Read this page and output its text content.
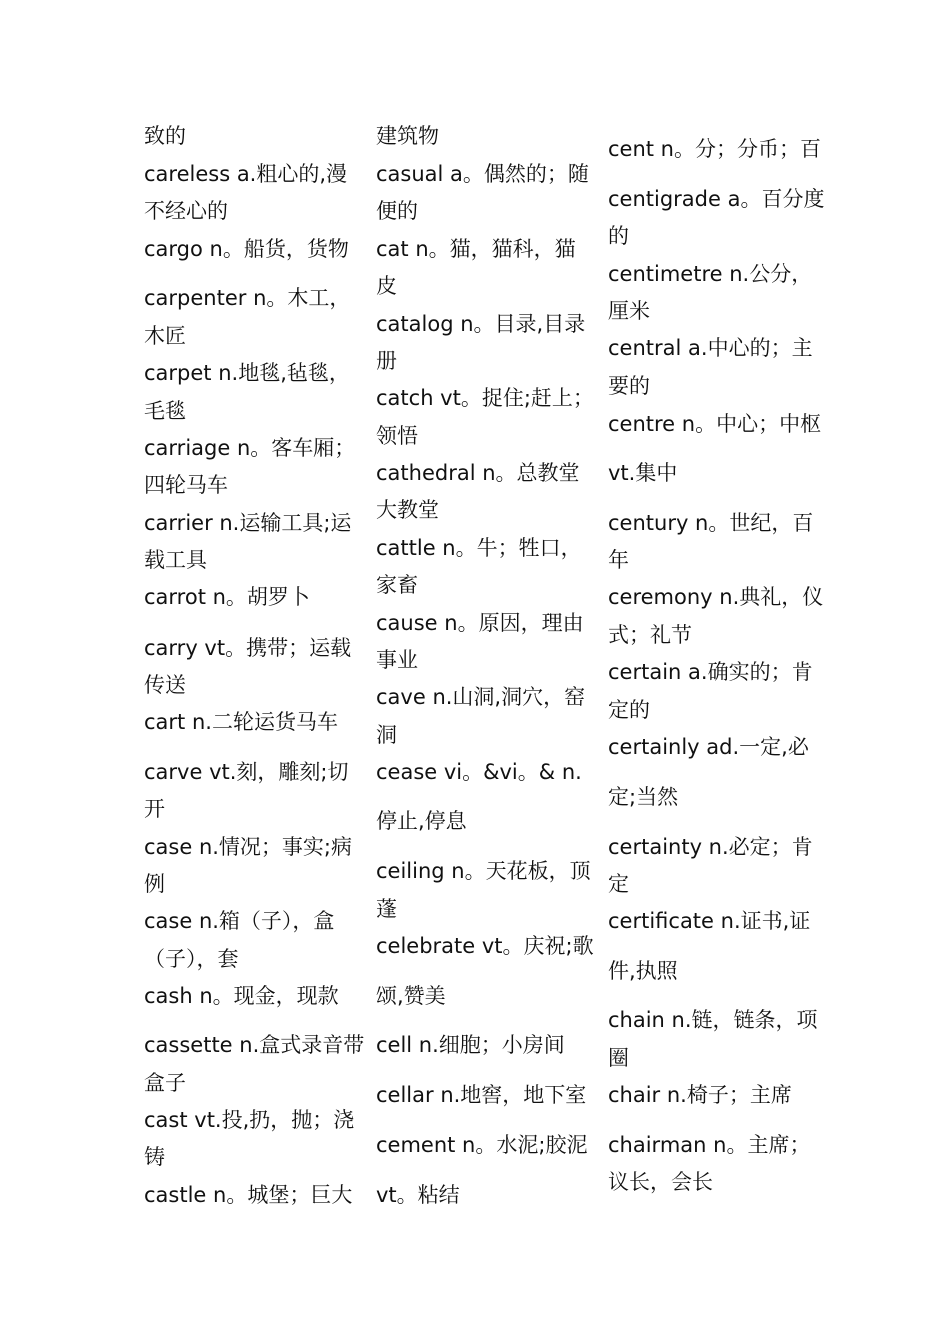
致的
careless a.粗心的,漫
不经心的
cargo n。船货，货物
carpenter n。木工，
木匠
carpet n.地毯,毡毯，
毛毯
carriage n。客车厢；
四轮马车
carrier n.运输工具;运
载工具
carrot n。胡罗卜
carry vt。携带；运载
传送
cart n.二轮运货马车
carve vt.刻，雕刻;切
开
case n.情况；事实;病
例
case n.箱（子），盒
（子），套
cash n。现金，现款
cassette n.盒式录音带
盒子
cast vt.投,扔，抛；浇
铸
castle n。城堡；巨大
建筑物
casual a。偶然的；随
便的
cat n。猫，猫科，猫
皮
catalog n。目录,目录
册
catch vt。捉住;赶上；
领悟
cathedral n。总教堂
大教堂
cattle n。牛；牲口，
家畜
cause n。原因，理由
事业
cave n.山洞,洞穴，窑
洞
cease vi。&vi。& n.
停止,停息
ceiling n。天花板，顶
蓬
celebrate vt。庆祝;歌
颂,赞美
cell n.细胞；小房间
cellar n.地窖，地下室
cement n。水泥;胶泥
vt。粘结
cent n。分；分币；百
centigrade a。百分度
的
centimetre n.公分，
厘米
central a.中心的；主
要的
centre n。中心；中枢
vt.集中
century n。世纪，百
年
ceremony n.典礼，仪
式；礼节
certain a.确实的；肯
定的
certainly ad.一定,必
定;当然
certainty n.必定；肯
定
certificate n.证书,证
件,执照
chain n.链，链条，项
圈
chair n.椅子；主席
chairman n。主席；
议长，会长
